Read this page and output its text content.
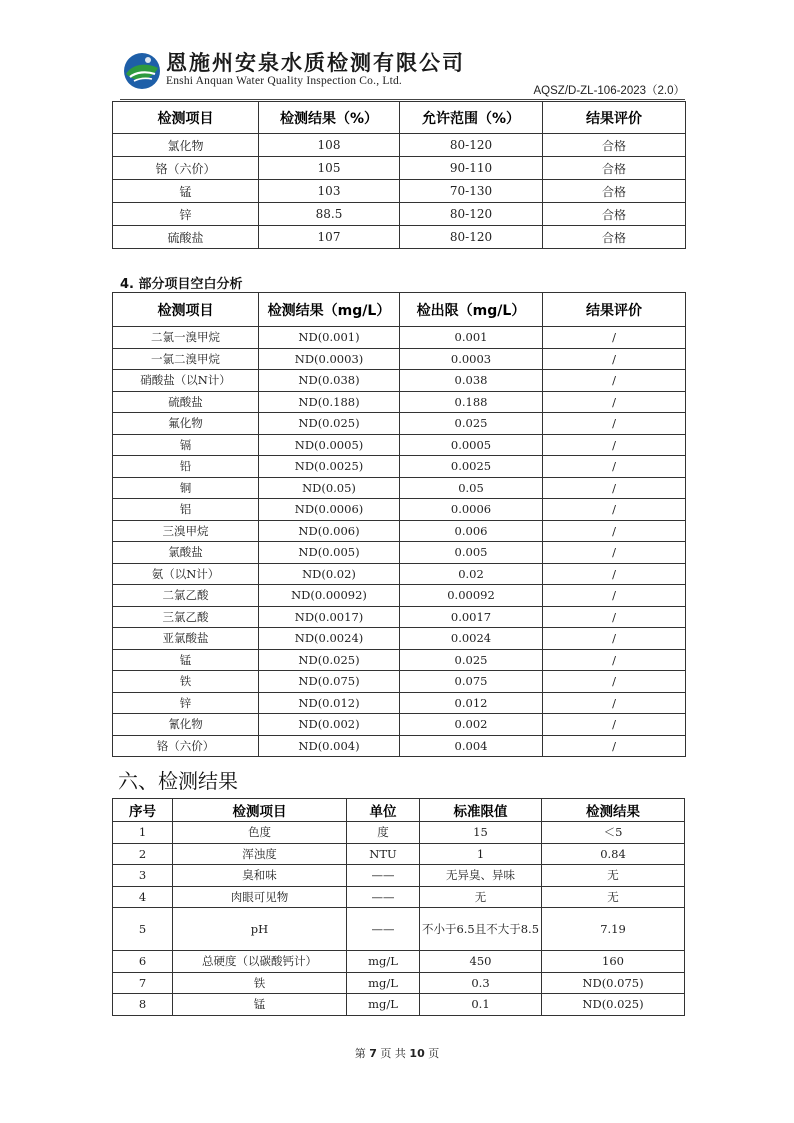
恩施州安泉水质检测有限公司
Enshi Anquan Water Quality Inspection Co., Ltd.
AQSZ/D-ZL-106-2023（2.0）
检测项目	检测结果（%）	允许范围（%）	结果评价
氯化物	108	80-120	合格
铬（六价）	105	90-110	合格
锰	103	70-130	合格
锌	88.5	80-120	合格
硫酸盐	107	80-120	合格
4. 部分项目空白分析
检测项目	检测结果（mg/L）	检出限（mg/L）	结果评价
二氯一溴甲烷	ND(0.001)	0.001	/
一氯二溴甲烷	ND(0.0003)	0.0003	/
硝酸盐（以N计）	ND(0.038)	0.038	/
硫酸盐	ND(0.188)	0.188	/
氟化物	ND(0.025)	0.025	/
镉	ND(0.0005)	0.0005	/
铅	ND(0.0025)	0.0025	/
铜	ND(0.05)	0.05	/
铝	ND(0.0006)	0.0006	/
三溴甲烷	ND(0.006)	0.006	/
氯酸盐	ND(0.005)	0.005	/
氨（以N计）	ND(0.02)	0.02	/
二氯乙酸	ND(0.00092)	0.00092	/
三氯乙酸	ND(0.0017)	0.0017	/
亚氯酸盐	ND(0.0024)	0.0024	/
锰	ND(0.025)	0.025	/
铁	ND(0.075)	0.075	/
锌	ND(0.012)	0.012	/
氰化物	ND(0.002)	0.002	/
铬（六价）	ND(0.004)	0.004	/
六、检测结果
序号	检测项目	单位	标准限值	检测结果
1	色度	度	15	＜5
2	浑浊度	NTU	1	0.84
3	臭和味	——	无异臭、异味	无
4	肉眼可见物	——	无	无
5	pH	——	不小于6.5且不大于8.5	7.19
6	总硬度（以碳酸钙计）	mg/L	450	160
7	铁	mg/L	0.3	ND(0.075)
8	锰	mg/L	0.1	ND(0.025)
第 7 页 共 10 页
